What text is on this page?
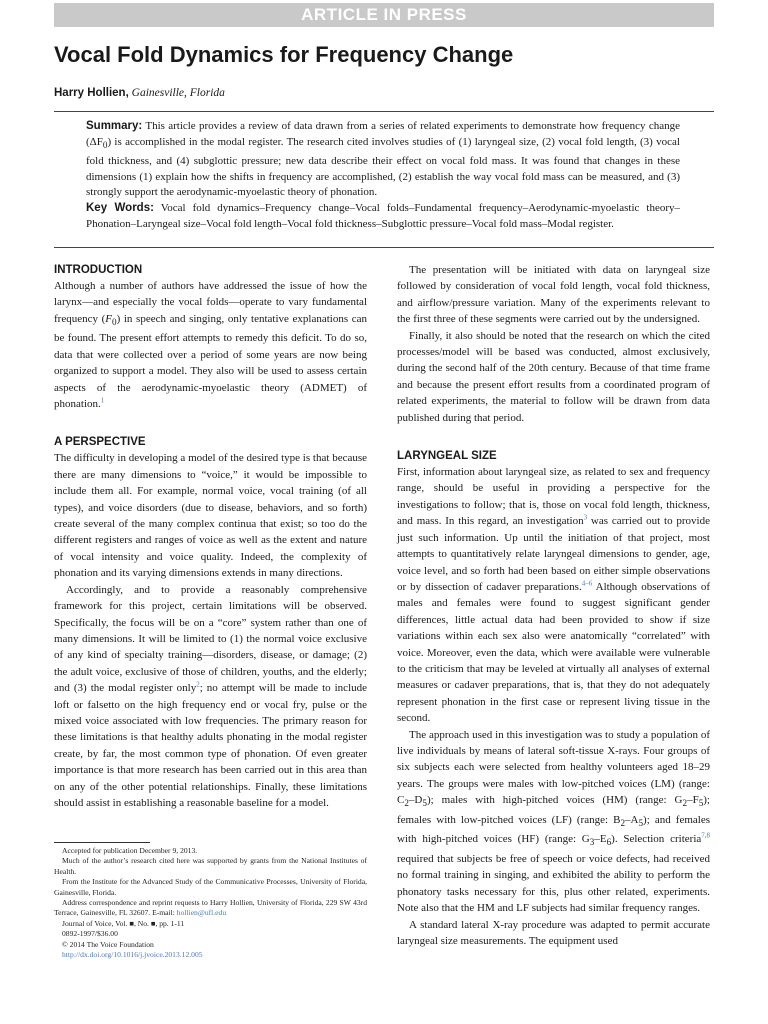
ARTICLE IN PRESS
Vocal Fold Dynamics for Frequency Change
Harry Hollien, Gainesville, Florida

Summary: This article provides a review of data drawn from a series of related experiments to demonstrate how frequency change $(\Delta F_0)$ is accomplished in the modal register. The research cited involves studies of (1) laryngeal size, (2) vocal fold length, (3) vocal fold thickness, and (4) subglottic pressure; new data describe their effect on vocal fold mass. It was found that changes in these dimensions (1) explain how the shifts in frequency are accomplished, (2) establish the way vocal fold mass can be measured, and (3) strongly support the aerodynamic-myoelastic theory of phonation.

Key Words: Vocal fold dynamics–Frequency change–Vocal folds–Fundamental frequency–Aerodynamic-myoelastic theory–Phonation–Laryngeal size–Vocal fold length–Vocal fold thickness–Subglottic pressure–Vocal fold mass–Modal register.

INTRODUCTION

Although a number of authors have addressed the issue of how the larynx—and especially the vocal folds—operate to vary fundamental frequency $(F_0)$ in speech and singing, only tentative explanations can be found. The present effort attempts to remedy this deficit. To do so, data that were collected over a period of some years are now being organized to support a model. They also will be used to assess certain aspects of the aerodynamic-myoelastic theory (ADMET) of phonation.$^1$

A PERSPECTIVE

The difficulty in developing a model of the desired type is that because there are many dimensions to “voice,” it would be impossible to include them all. For example, normal voice, vocal training (of all types), and voice disorders (due to disease, behaviors, and so forth) create several of the many complex continua that exist; so too do the different registers and ranges of voice as well as the extent and nature of vocal intensity and voice quality. Indeed, the complexity of phonation and its varying dimensions extends in many directions.

Accordingly, and to provide a reasonably comprehensive framework for this project, certain limitations will be observed. Specifically, the focus will be on a “core” system rather than one of many dimensions. It will be limited to (1) the normal voice exclusive of any kind of specialty training—disorders, disease, or damage; (2) the adult voice, exclusive of those of children, youths, and the elderly; and (3) the modal register only$^2$; no attempt will be made to include loft or falsetto on the high frequency end or vocal fry, pulse or the mixed voice associated with low frequencies. The primary reason for these limitations is that healthy adults phonating in the modal register create, by far, the most common type of phonation. Of even greater importance is that more research has been carried out in this area than on any of the other potential relationships. Finally, these limitations should assist in establishing a reasonable baseline for a model.

Accepted for publication December 9, 2013.

Much of the author’s research cited here was supported by grants from the National Institutes of Health.

From the Institute for the Advanced Study of the Communicative Processes, University of Florida, Gainesville, Florida.

Address correspondence and reprint requests to Harry Hollien, University of Florida, 229 SW 43rd Terrace, Gainesville, FL 32607. E-mail: hollien@ufl.edu

Journal of Voice, Vol. ■, No. ■, pp. 1-11

0892-1997/$36.00

© 2014 The Voice Foundation

http://dx.doi.org/10.1016/j.jvoice.2013.12.005

The presentation will be initiated with data on laryngeal size followed by consideration of vocal fold length, vocal fold thickness, and airflow/pressure variation. Many of the experiments relevant to the first three of these segments were carried out by the undersigned.

Finally, it also should be noted that the research on which the cited processes/model will be based was conducted, almost exclusively, during the second half of the 20th century. Because of that time frame and because the present effort results from a coordinated program of related experiments, the material to follow will be drawn from data published during that period.

LARYNGEAL SIZE

First, information about laryngeal size, as related to sex and frequency range, should be useful in providing a perspective for the investigations to follow; that is, those on vocal fold length, thickness, and mass. In this regard, an investigation$^3$ was carried out to provide just such information. Up until the initiation of that project, most attempts to quantitatively relate laryngeal dimensions to gender, age, voice level, and so forth had been based on either simple observations or by dissection of cadaver preparations.$^{4-6}$ Although observations of males and females were found to suggest significant gender differences, little actual data had been provided to show if size variations within each sex also were anatomically “correlated” with voice. Moreover, even the data, which were available were vulnerable to the criticism that may be leveled at virtually all analyses of external measures or cadaver preparations, that is, that they do not adequately represent phonation in the first case or represent living tissue in the second.

The approach used in this investigation was to study a population of live individuals by means of lateral soft-tissue X-rays. Four groups of six subjects each were selected from healthy volunteers aged 18–29 years. The groups were males with low-pitched voices (LM) (range: $C_2-D_5$); males with high-pitched voices (HM) (range: $G_2-F_5$); females with low-pitched voices (LF) (range: $B_2-A_5$); and females with high-pitched voices (HF) (range: $G_3-E_6$). Selection criteria$^{7,8}$ required that subjects be free of speech or voice defects, had received no formal training in singing, and exhibited the ability to perform the phonatory tasks necessary for this, plus other related, experiments. Note also that the HM and LF subjects had similar frequency ranges.

A standard lateral X-ray procedure was adapted to permit accurate laryngeal size measurements. The equipment used
